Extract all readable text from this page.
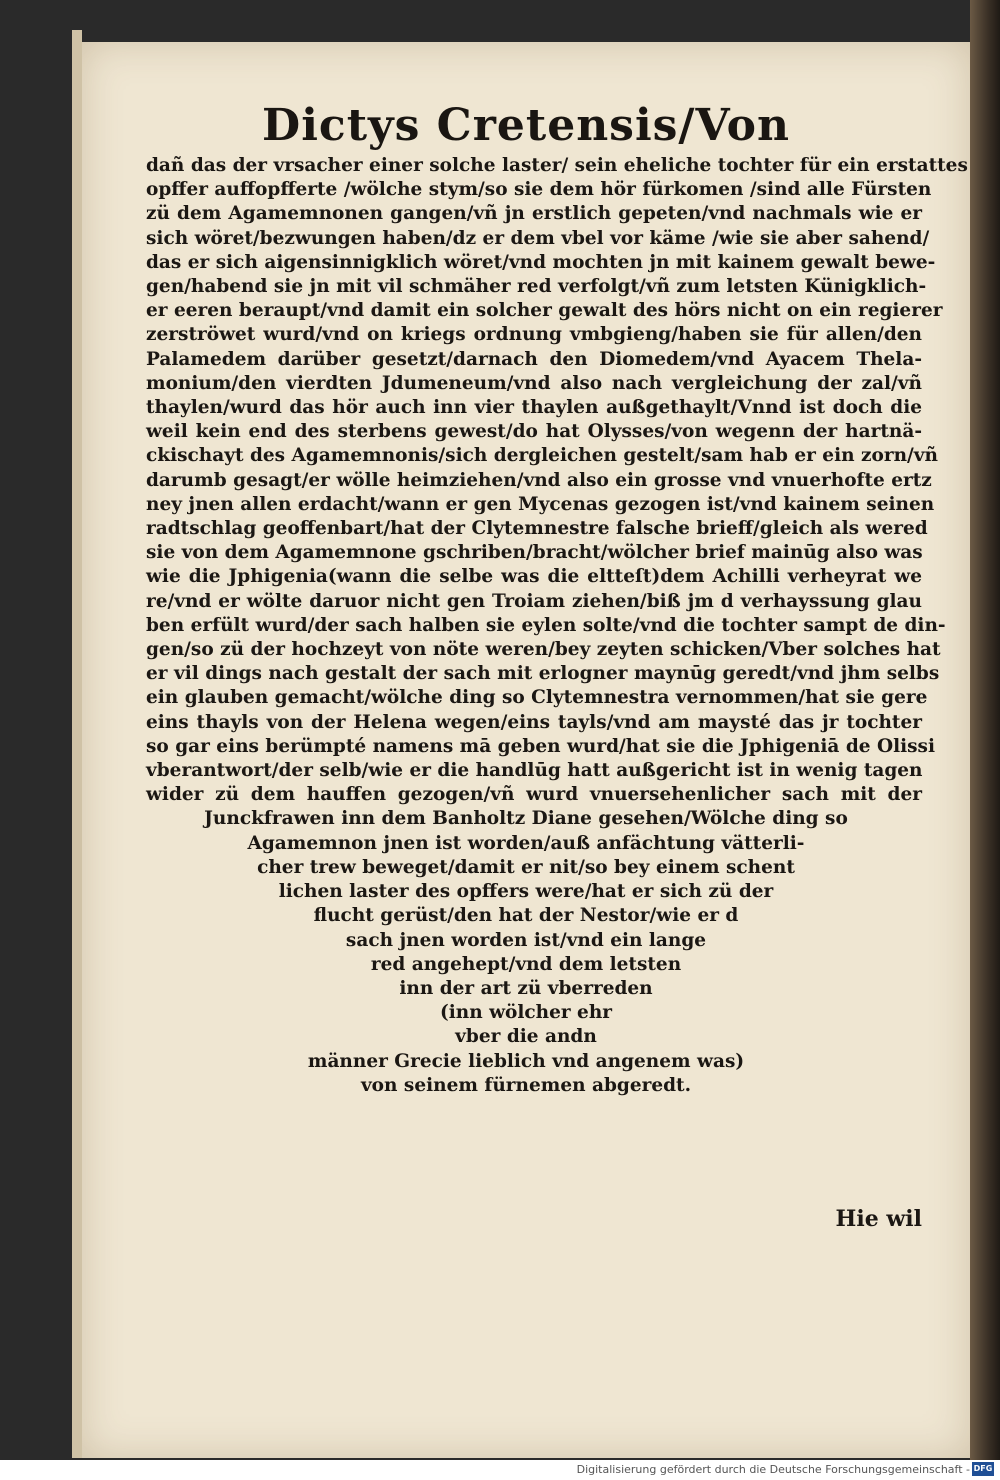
Dictys Cretensis/Von
dañ das der vrsacher einer solche laster/ sein eheliche tochter für ein erstattes
opffer auffopfferte /wölche stym/so sie dem hör fürkomen /sind alle Fürsten
zü dem Agamemnonen gangen/vñ jn erstlich gepeten/vnd nachmals wie er
sich wöret/bezwungen haben/dz er dem vbel vor käme /wie sie aber sahend/
das er sich aigensinnigklich wöret/vnd mochten jn mit kainem gewalt bewe-
gen/habend sie jn mit vil schmäher red verfolgt/vñ zum letsten Künigklich-
er eeren beraupt/vnd damit ein solcher gewalt des hörs nicht on ein regierer
zerströwet wurd/vnd on kriegs ordnung vmbgieng/haben sie für allen/den
Palamedem darüber gesetzt/darnach den Diomedem/vnd Ayacem Thela-
monium/den vierdten Jdumeneum/vnd also nach vergleichung der zal/vñ
thaylen/wurd das hör auch inn vier thaylen außgethaylt/Vnnd ist doch die
weil kein end des sterbens gewest/do hat Olysses/von wegenn der hartnä-
ckischayt des Agamemnonis/sich dergleichen gestelt/sam hab er ein zorn/vñ
darumb gesagt/er wölle heimziehen/vnd also ein grosse vnd vnuerhofte ertz
ney jnen allen erdacht/wann er gen Mycenas gezogen ist/vnd kainem seinen
radtschlag geoffenbart/hat der Clytemnestre falsche brieff/gleich als wered
sie von dem Agamemnone gschriben/bracht/wölcher brief mainūg also was
wie die Jphigenia(wann die selbe was die eltteſt)dem Achilli verheyrat we
re/vnd er wölte daruor nicht gen Troiam ziehen/biß jm d verhayssung glau
ben erfült wurd/der sach halben sie eylen solte/vnd die tochter sampt de din-
gen/so zü der hochzeyt von nöte weren/bey zeyten schicken/Vber solches hat
er vil dings nach gestalt der sach mit erlogner maynūg geredt/vnd jhm selbs
ein glauben gemacht/wölche ding so Clytemnestra vernommen/hat sie gere
eins thayls von der Helena wegen/eins tayls/vnd am maysté das jr tochter
so gar eins berümpté namens mā geben wurd/hat sie die Jphigeniā de Olissi
vberantwort/der selb/wie er die handlūg hatt außgericht ist in wenig tagen
wider zü dem hauffen gezogen/vñ wurd vnuersehenlicher sach mit der
Junckfrawen inn dem Banholtz Diane gesehen/Wölche ding so
Agamemnon jnen ist worden/auß anfächtung vätterli-
cher trew beweget/damit er nit/so bey einem schent
lichen laster des opffers were/hat er sich zü der
flucht gerüst/den hat der Nestor/wie er d
sach jnen worden ist/vnd ein lange
red angehept/vnd dem letsten
inn der art zü vberreden
(inn wölcher ehr
vber die andn
männer Grecie lieblich vnd angenem was)
von seinem fürnemen abgeredt.
Hie wil
Digitalisierung gefördert durch die Deutsche Forschungsgemeinschaft - DFG
